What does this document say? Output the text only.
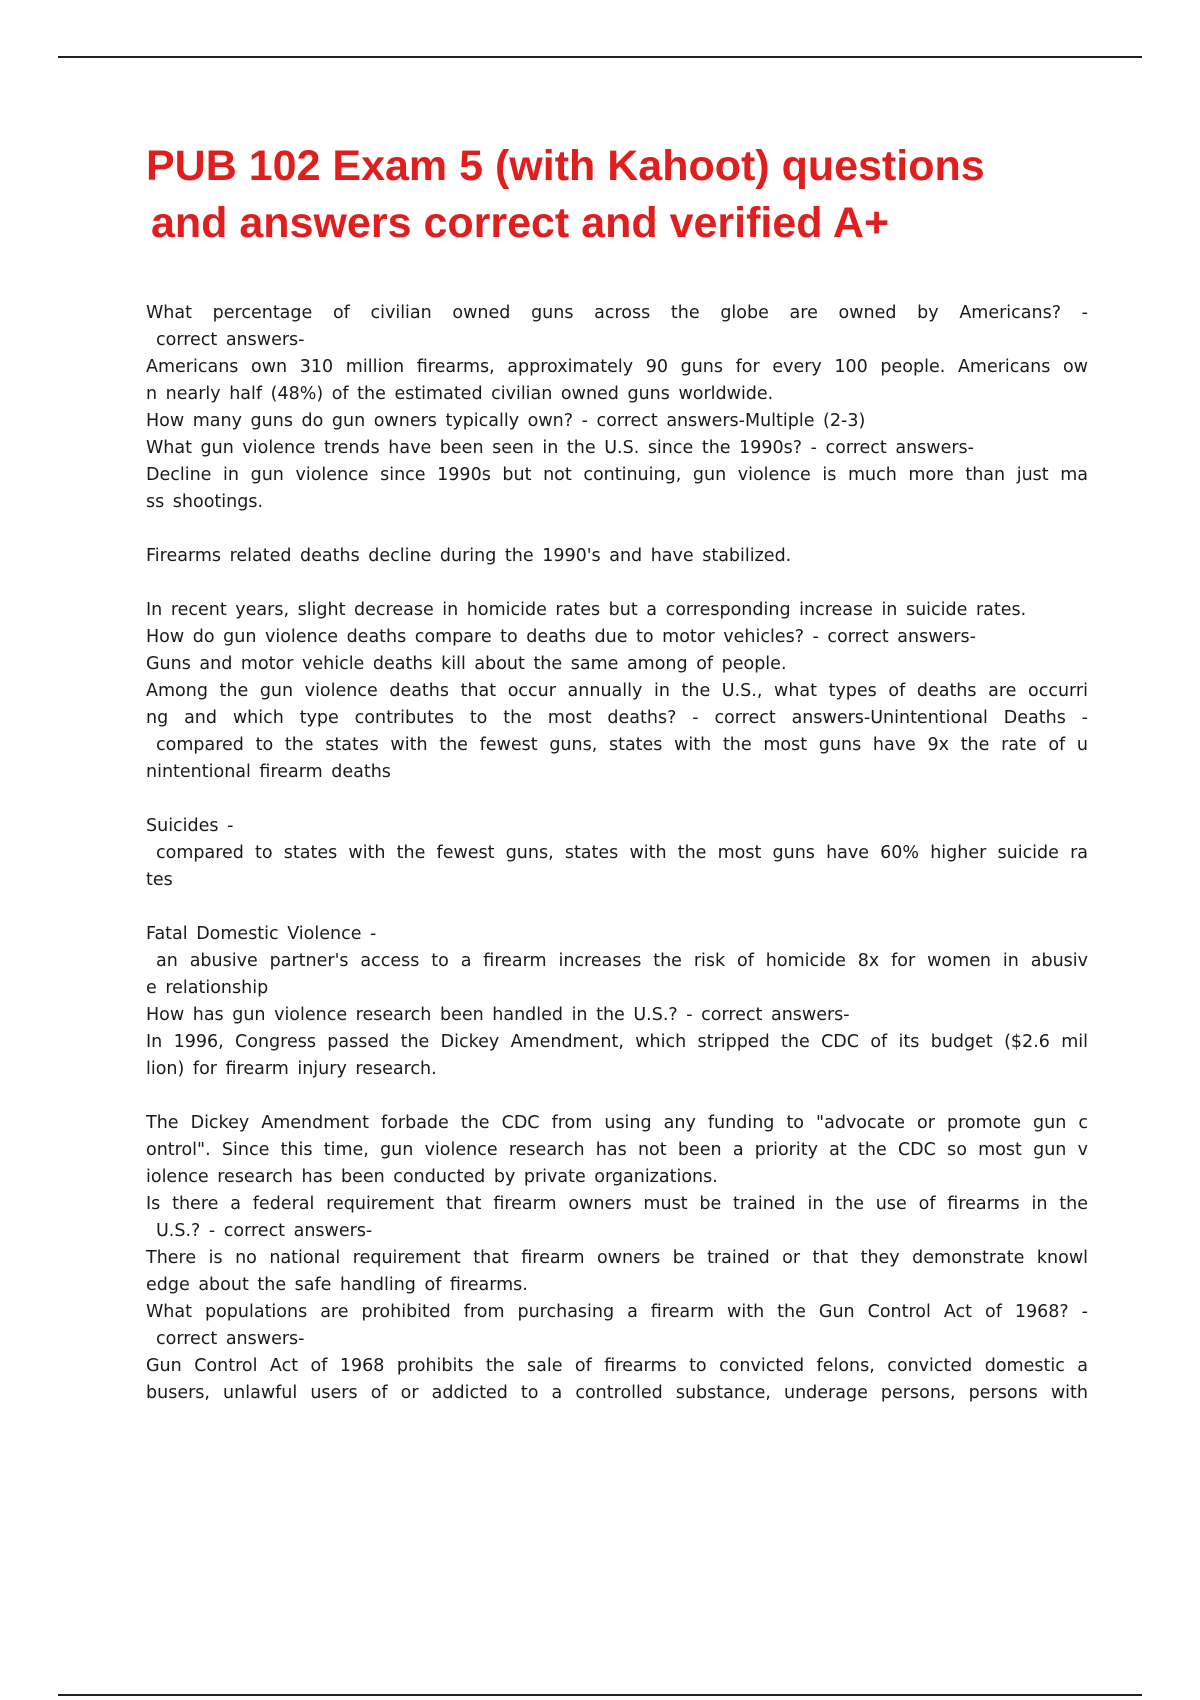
PUB 102 Exam 5 (with Kahoot) questions
and answers correct and verified A+
What percentage of civilian owned guns across the globe are owned by Americans? -
correct answers-
Americans own 310 million firearms, approximately 90 guns for every 100 people. Americans ow
n nearly half (48%) of the estimated civilian owned guns worldwide.
How many guns do gun owners typically own? - correct answers-Multiple (2-3)
What gun violence trends have been seen in the U.S. since the 1990s? - correct answers-
Decline in gun violence since 1990s but not continuing, gun violence is much more than just ma
ss shootings.
Firearms related deaths decline during the 1990's and have stabilized.
In recent years, slight decrease in homicide rates but a corresponding increase in suicide rates.
How do gun violence deaths compare to deaths due to motor vehicles? - correct answers-
Guns and motor vehicle deaths kill about the same among of people.
Among the gun violence deaths that occur annually in the U.S., what types of deaths are occurri
ng and which type contributes to the most deaths? - correct answers-Unintentional Deaths -
compared to the states with the fewest guns, states with the most guns have 9x the rate of u
nintentional firearm deaths
Suicides -
compared to states with the fewest guns, states with the most guns have 60% higher suicide ra
tes
Fatal Domestic Violence -
an abusive partner's access to a firearm increases the risk of homicide 8x for women in abusiv
e relationship
How has gun violence research been handled in the U.S.? - correct answers-
In 1996, Congress passed the Dickey Amendment, which stripped the CDC of its budget ($2.6 mil
lion) for firearm injury research.
The Dickey Amendment forbade the CDC from using any funding to "advocate or promote gun c
ontrol". Since this time, gun violence research has not been a priority at the CDC so most gun v
iolence research has been conducted by private organizations.
Is there a federal requirement that firearm owners must be trained in the use of firearms in the
U.S.? - correct answers-
There is no national requirement that firearm owners be trained or that they demonstrate knowl
edge about the safe handling of firearms.
What populations are prohibited from purchasing a firearm with the Gun Control Act of 1968? -
correct answers-
Gun Control Act of 1968 prohibits the sale of firearms to convicted felons, convicted domestic a
busers, unlawful users of or addicted to a controlled substance, underage persons, persons with
